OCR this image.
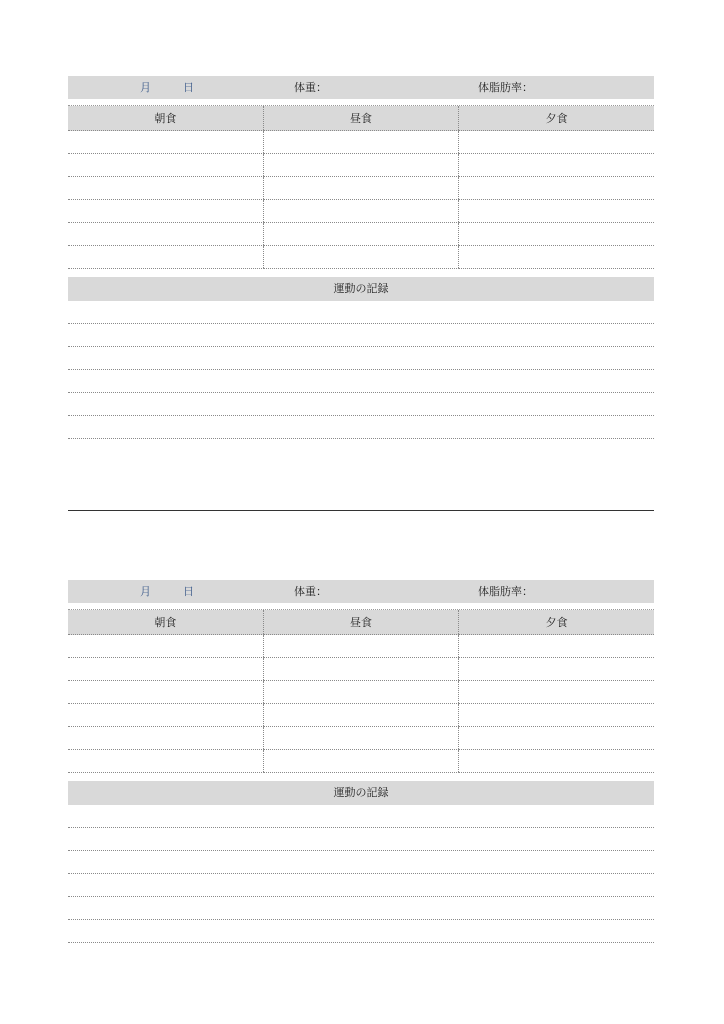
月	日	体重：	体脂肪率：
朝食	昼食	夕食

運動の記録
月	日	体重：	体脂肪率：
朝食	昼食	夕食

運動の記録
